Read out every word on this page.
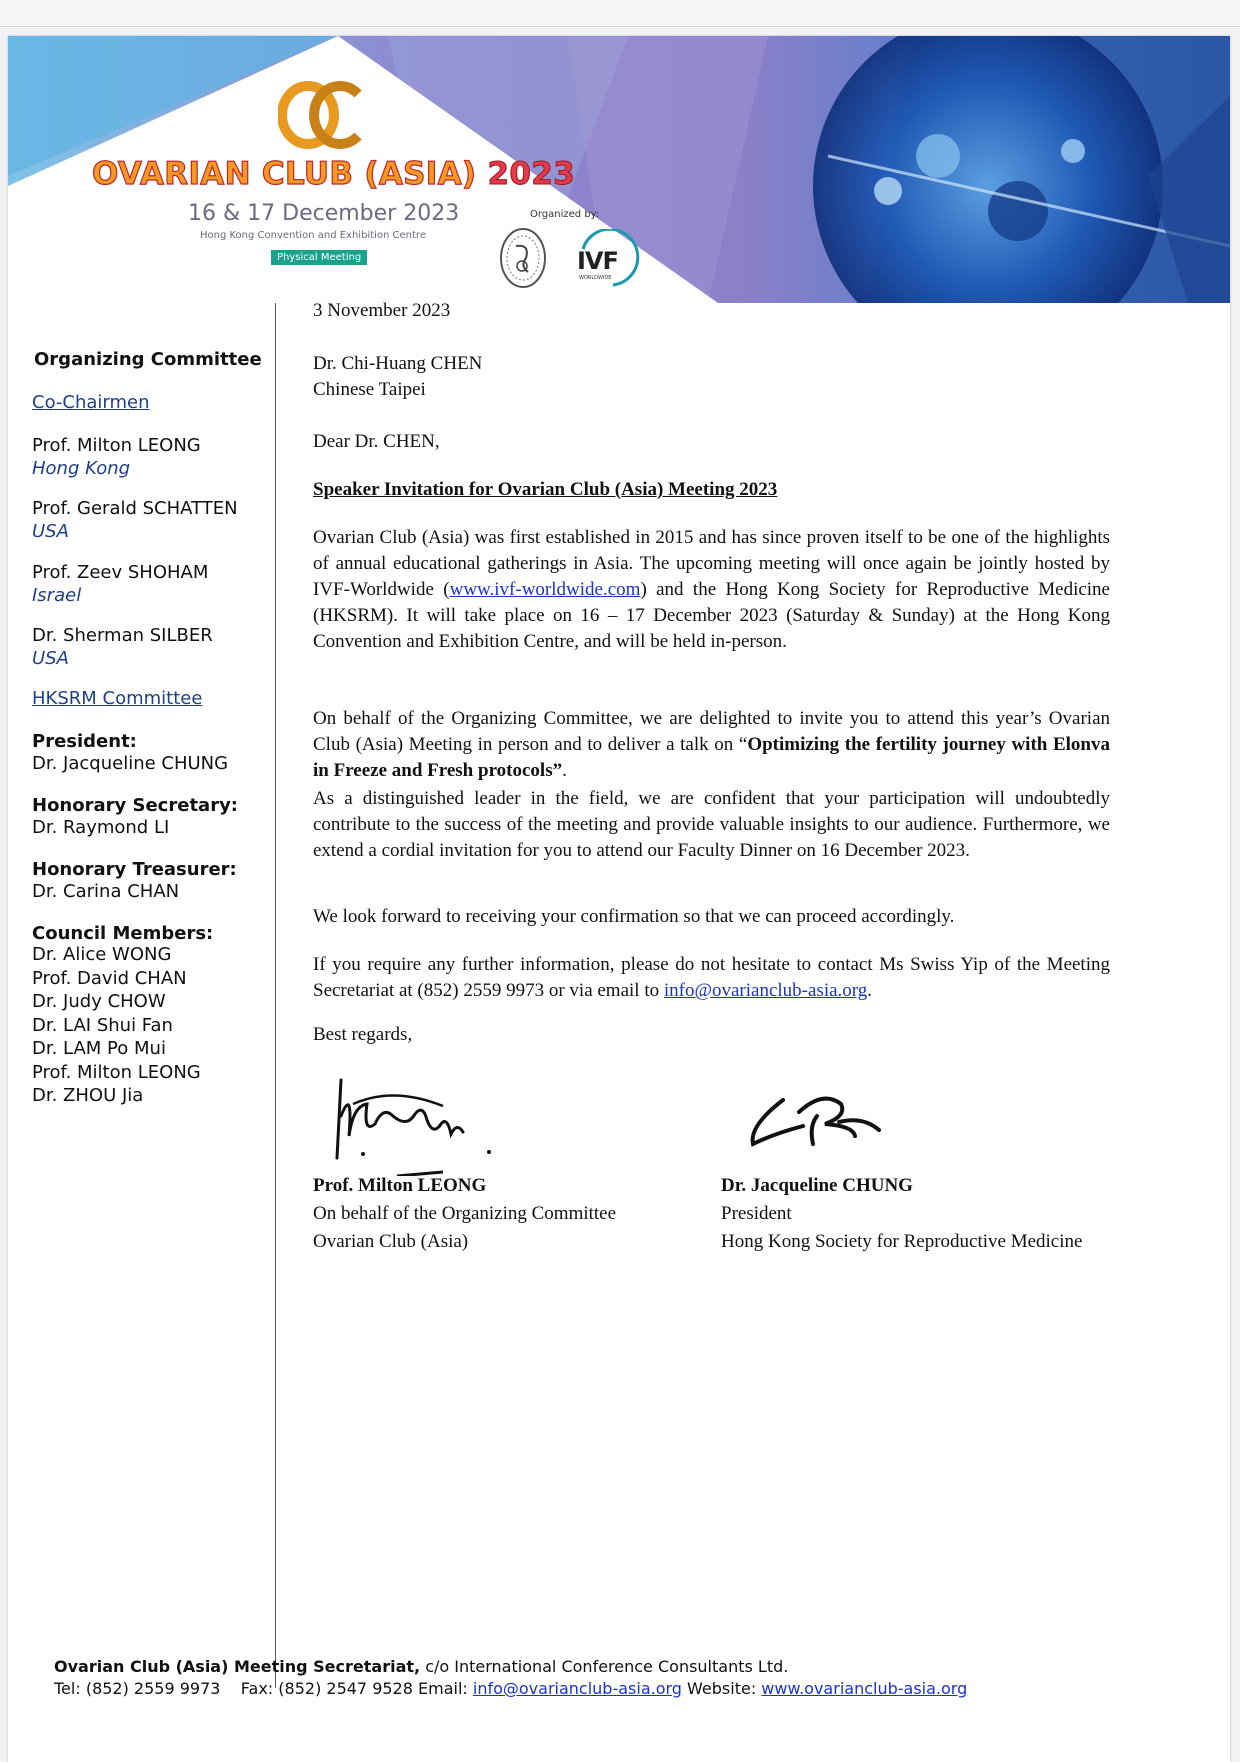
OVARIAN CLUB (ASIA) 2023
16 & 17 December 2023
Hong Kong Convention and Exhibition Centre
Physical Meeting
Organized by:
IVF
WORLDWIDE
Organizing Committee
Co-Chairmen
Prof. Milton LEONG
Hong Kong
Prof. Gerald SCHATTEN
USA
Prof. Zeev SHOHAM
Israel
Dr. Sherman SILBER
USA
HKSRM Committee
President:
Dr. Jacqueline CHUNG
Honorary Secretary:
Dr. Raymond LI
Honorary Treasurer:
Dr. Carina CHAN
Council Members:
Dr. Alice WONG
Prof. David CHAN
Dr. Judy CHOW
Dr. LAI Shui Fan
Dr. LAM Po Mui
Prof. Milton LEONG
Dr. ZHOU Jia
3 November 2023
Dr. Chi-Huang CHEN
Chinese Taipei
Dear Dr. CHEN,
Speaker Invitation for Ovarian Club (Asia) Meeting 2023
Ovarian Club (Asia) was first established in 2015 and has since proven itself to be one of the highlights of annual educational gatherings in Asia. The upcoming meeting will once again be jointly hosted by IVF-Worldwide (www.ivf-worldwide.com) and the Hong Kong Society for Reproductive Medicine (HKSRM). It will take place on 16 – 17 December 2023 (Saturday & Sunday) at the Hong Kong Convention and Exhibition Centre, and will be held in-person.
On behalf of the Organizing Committee, we are delighted to invite you to attend this year’s Ovarian Club (Asia) Meeting in person and to deliver a talk on “Optimizing the fertility journey with Elonva in Freeze and Fresh protocols”.
As a distinguished leader in the field, we are confident that your participation will undoubtedly contribute to the success of the meeting and provide valuable insights to our audience. Furthermore, we extend a cordial invitation for you to attend our Faculty Dinner on 16 December 2023.
We look forward to receiving your confirmation so that we can proceed accordingly.
If you require any further information, please do not hesitate to contact Ms Swiss Yip of the Meeting Secretariat at (852) 2559 9973 or via email to info@ovarianclub-asia.org.
Best regards,
Prof. Milton LEONG
On behalf of the Organizing Committee
Ovarian Club (Asia)
Dr. Jacqueline CHUNG
President
Hong Kong Society for Reproductive Medicine
Ovarian Club (Asia) Meeting Secretariat, c/o International Conference Consultants Ltd.
Tel: (852) 2559 9973 Fax: (852) 2547 9528 Email: info@ovarianclub-asia.org Website: www.ovarianclub-asia.org
